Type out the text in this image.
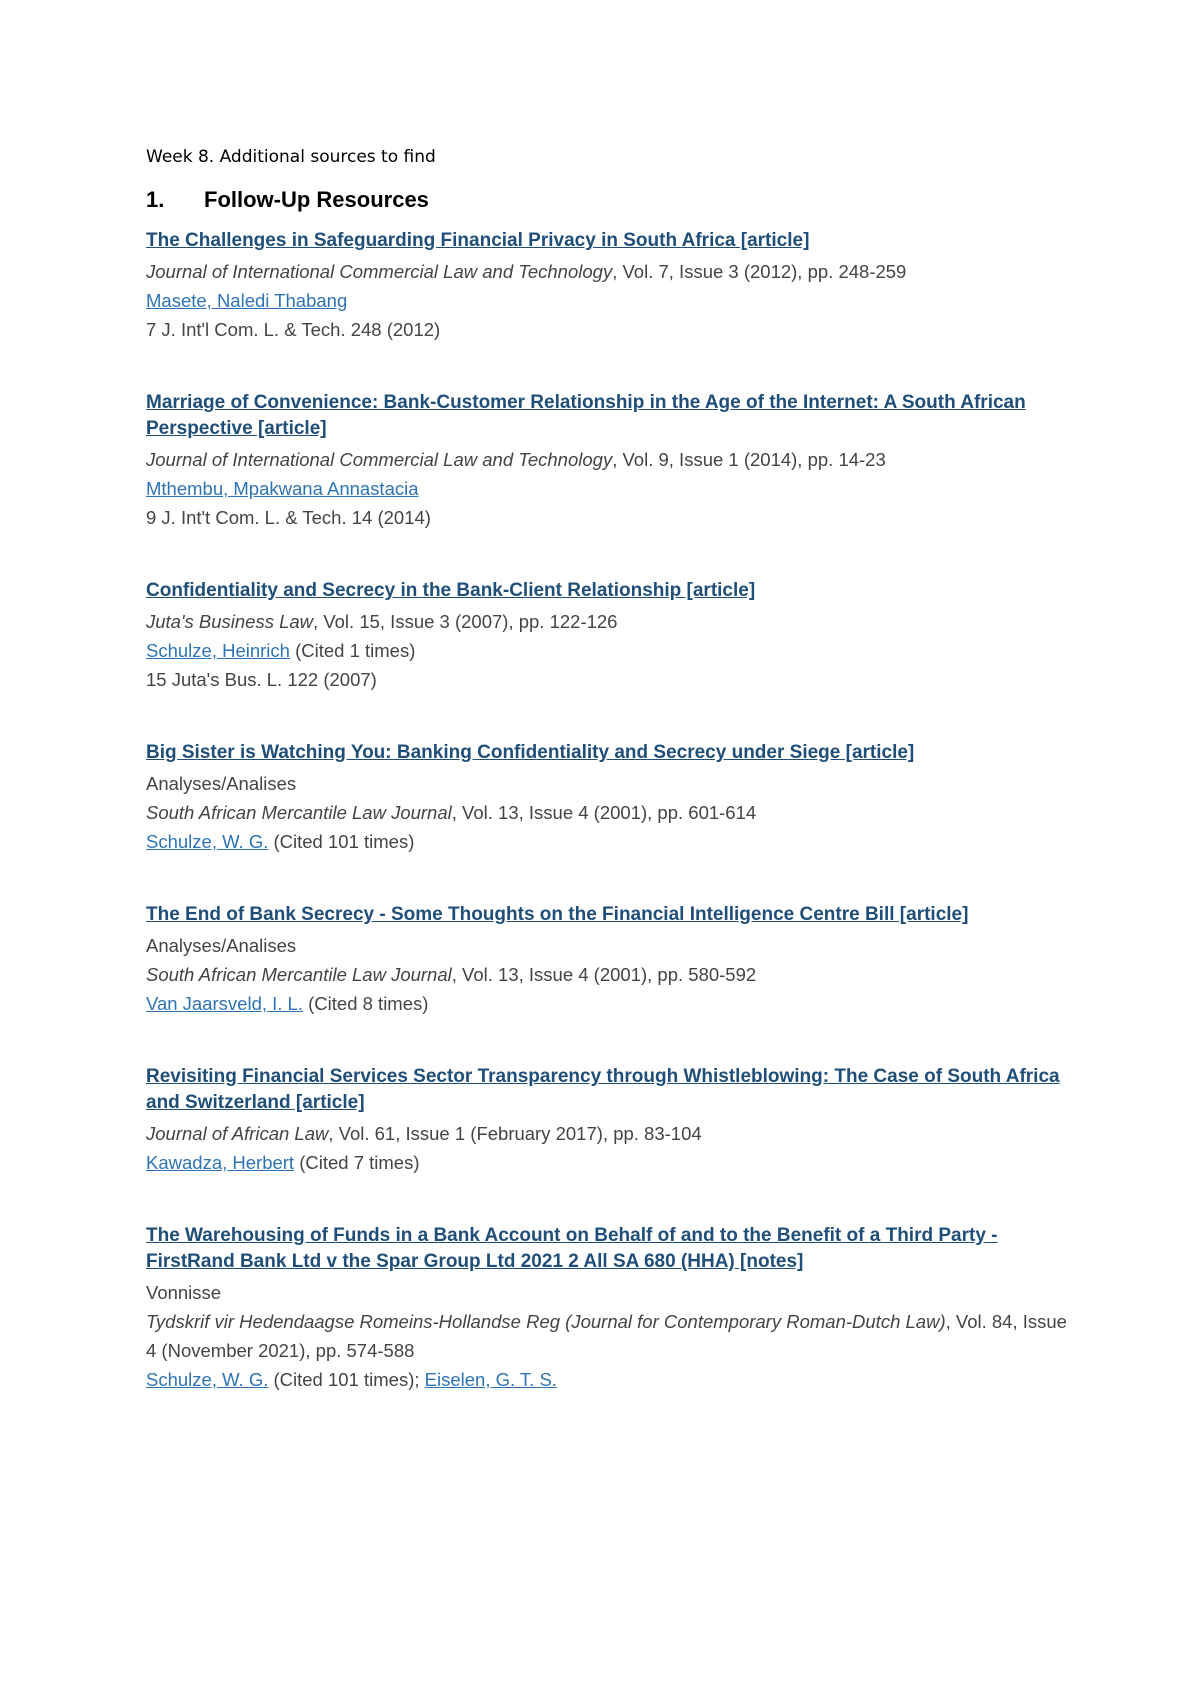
Week 8. Additional sources to find
1.	Follow-Up Resources
The Challenges in Safeguarding Financial Privacy in South Africa [article]
Journal of International Commercial Law and Technology, Vol. 7, Issue 3 (2012), pp. 248-259
Masete, Naledi Thabang
7 J. Int'l Com. L. & Tech. 248 (2012)
Marriage of Convenience: Bank-Customer Relationship in the Age of the Internet: A South African Perspective [article]
Journal of International Commercial Law and Technology, Vol. 9, Issue 1 (2014), pp. 14-23
Mthembu, Mpakwana Annastacia
9 J. Int't Com. L. & Tech. 14 (2014)
Confidentiality and Secrecy in the Bank-Client Relationship [article]
Juta's Business Law, Vol. 15, Issue 3 (2007), pp. 122-126
Schulze, Heinrich (Cited 1 times)
15 Juta's Bus. L. 122 (2007)
Big Sister is Watching You: Banking Confidentiality and Secrecy under Siege [article]
Analyses/Analises
South African Mercantile Law Journal, Vol. 13, Issue 4 (2001), pp. 601-614
Schulze, W. G. (Cited 101 times)
The End of Bank Secrecy - Some Thoughts on the Financial Intelligence Centre Bill [article]
Analyses/Analises
South African Mercantile Law Journal, Vol. 13, Issue 4 (2001), pp. 580-592
Van Jaarsveld, I. L. (Cited 8 times)
Revisiting Financial Services Sector Transparency through Whistleblowing: The Case of South Africa and Switzerland [article]
Journal of African Law, Vol. 61, Issue 1 (February 2017), pp. 83-104
Kawadza, Herbert (Cited 7 times)
The Warehousing of Funds in a Bank Account on Behalf of and to the Benefit of a Third Party - FirstRand Bank Ltd v the Spar Group Ltd 2021 2 All SA 680 (HHA) [notes]
Vonnisse
Tydskrif vir Hedendaagse Romeins-Hollandse Reg (Journal for Contemporary Roman-Dutch Law), Vol. 84, Issue 4 (November 2021), pp. 574-588
Schulze, W. G. (Cited 101 times); Eiselen, G. T. S.
